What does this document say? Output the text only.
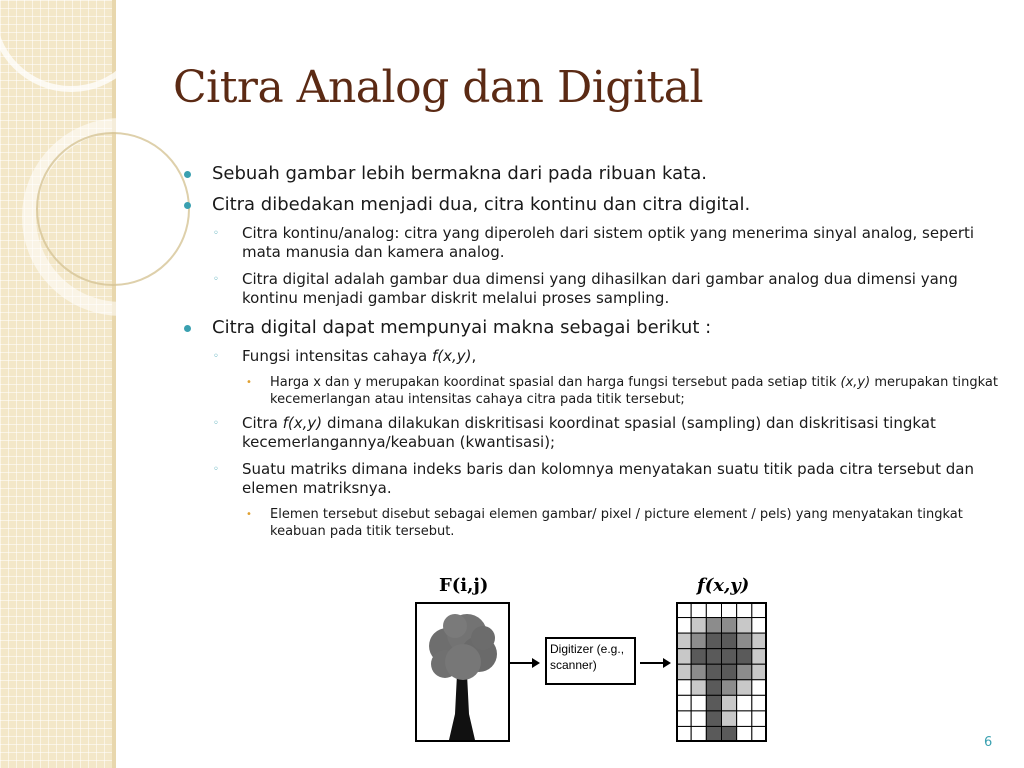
Citra Analog dan Digital
Sebuah gambar lebih bermakna dari pada ribuan kata.
Citra dibedakan menjadi dua, citra kontinu dan citra digital.
◦ Citra kontinu/analog: citra yang diperoleh dari sistem optik yang menerima sinyal analog, seperti mata manusia dan kamera analog.
◦ Citra digital adalah gambar dua dimensi yang dihasilkan dari gambar analog dua dimensi yang kontinu menjadi gambar diskrit melalui proses sampling.
Citra digital dapat mempunyai makna sebagai berikut :
◦ Fungsi intensitas cahaya f(x,y),
• Harga x dan y merupakan koordinat spasial dan harga fungsi tersebut pada setiap titik (x,y) merupakan tingkat kecemerlangan atau intensitas cahaya citra pada titik tersebut;
◦ Citra f(x,y) dimana dilakukan diskritisasi koordinat spasial (sampling) dan diskritisasi tingkat kecemerlangannya/keabuan (kwantisasi);
◦ Suatu matriks dimana indeks baris dan kolomnya menyatakan suatu titik pada citra tersebut dan elemen matriksnya.
• Elemen tersebut disebut sebagai elemen gambar/ pixel / picture element / pels) yang menyatakan tingkat keabuan pada titik tersebut.
F(i,j)	f(x,y)
Digitizer (e.g., scanner)
6
